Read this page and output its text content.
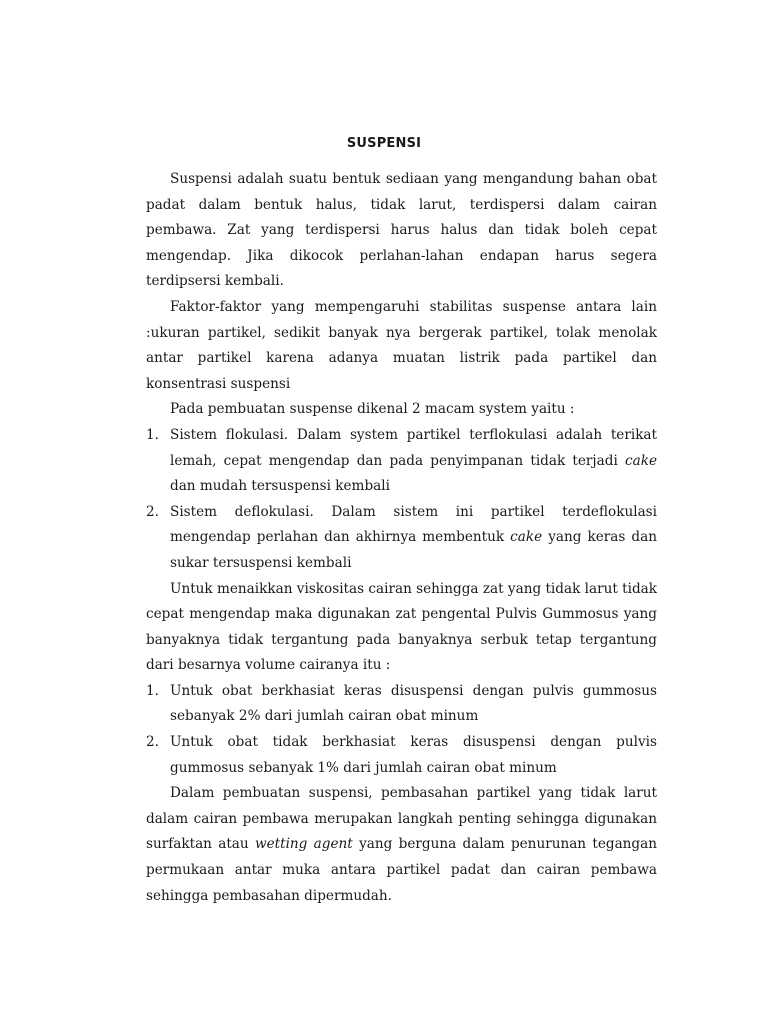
SUSPENSI

Suspensi adalah suatu bentuk sediaan yang mengandung bahan obat padat dalam bentuk halus, tidak larut, terdispersi dalam cairan pembawa. Zat yang terdispersi harus halus dan tidak boleh cepat mengendap. Jika dikocok perlahan-lahan endapan harus segera terdipsersi kembali.

Faktor-faktor yang mempengaruhi stabilitas suspense antara lain :ukuran partikel, sedikit banyak nya bergerak partikel, tolak menolak antar partikel karena adanya muatan listrik pada partikel dan konsentrasi suspensi

Pada pembuatan suspense dikenal 2 macam system yaitu :

1. Sistem flokulasi. Dalam system partikel terflokulasi adalah terikat lemah, cepat mengendap dan pada penyimpanan tidak terjadi cake dan mudah tersuspensi kembali
2. Sistem deflokulasi. Dalam sistem ini partikel terdeflokulasi mengendap perlahan dan akhirnya membentuk cake yang keras dan sukar tersuspensi kembali

Untuk menaikkan viskositas cairan sehingga zat yang tidak larut tidak cepat mengendap maka digunakan zat pengental Pulvis Gummosus yang banyaknya tidak tergantung pada banyaknya serbuk tetap tergantung dari besarnya volume cairanya itu :

1. Untuk obat berkhasiat keras disuspensi dengan pulvis gummosus sebanyak 2% dari jumlah cairan obat minum
2. Untuk obat tidak berkhasiat keras disuspensi dengan pulvis gummosus sebanyak 1% dari jumlah cairan obat minum

Dalam pembuatan suspensi, pembasahan partikel yang tidak larut dalam cairan pembawa merupakan langkah penting sehingga digunakan surfaktan atau wetting agent yang berguna dalam penurunan tegangan permukaan antar muka antara partikel padat dan cairan pembawa sehingga pembasahan dipermudah.
